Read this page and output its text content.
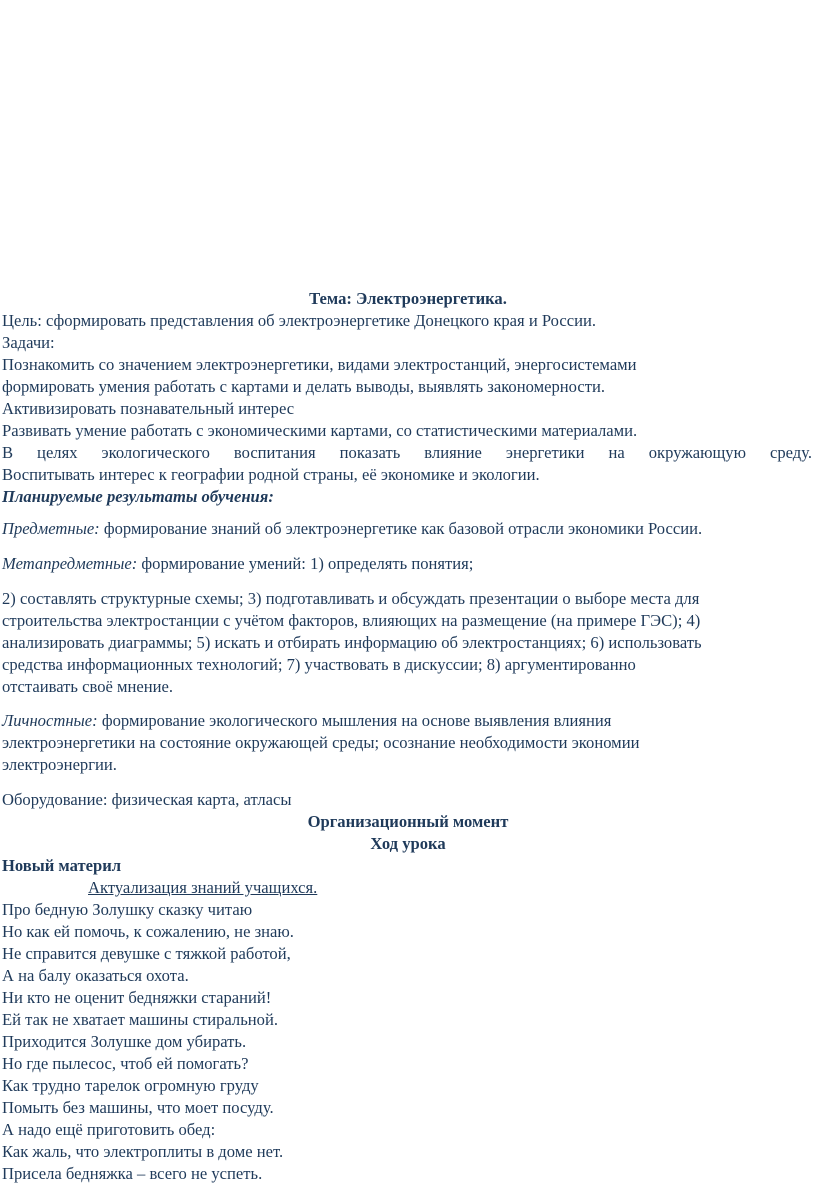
Тема: Электроэнергетика.
Цель: сформировать представления об электроэнергетике Донецкого края и России.
Задачи:
Познакомить со значением электроэнергетики, видами электростанций, энергосистемами
формировать умения работать с картами и делать выводы, выявлять закономерности.
Активизировать познавательный интерес
Развивать умение работать с экономическими картами, со статистическими материалами.
В целях экологического воспитания показать влияние энергетики на окружающую среду.
Воспитывать интерес к географии родной страны, её экономике и экологии.
Планируемые результаты обучения:
Предметные: формирование знаний об электроэнергетике как базовой отрасли экономики России.
Метапредметные: формирование умений: 1) определять понятия;
2) составлять структурные схемы; 3) подготавливать и обсуждать презентации о выборе места для
строительства электростанции с учётом факторов, влияющих на размещение (на примере ГЭС); 4)
анализировать диаграммы; 5) искать и отбирать информацию об электростанциях; 6) использовать
средства информационных технологий; 7) участвовать в дискуссии; 8) аргументированно
отстаивать своё мнение.
Личностные: формирование экологического мышления на основе выявления влияния
электроэнергетики на состояние окружающей среды; осознание необходимости экономии
электроэнергии.
Оборудование: физическая карта, атласы
Организационный момент
Ход урока
Новый материл
Актуализация знаний учащихся.
Про бедную Золушку сказку читаю
Но как ей помочь, к сожалению, не знаю.
Не справится девушке с тяжкой работой,
А на балу оказаться охота.
Ни кто не оценит бедняжки стараний!
Ей так не хватает машины стиральной.
Приходится Золушке дом убирать.
Но где пылесос, чтоб ей помогать?
Как трудно тарелок огромную груду
Помыть без машины, что моет посуду.
А надо ещё приготовить обед:
Как жаль, что электроплиты в доме нет.
Присела бедняжка – всего не успеть.
